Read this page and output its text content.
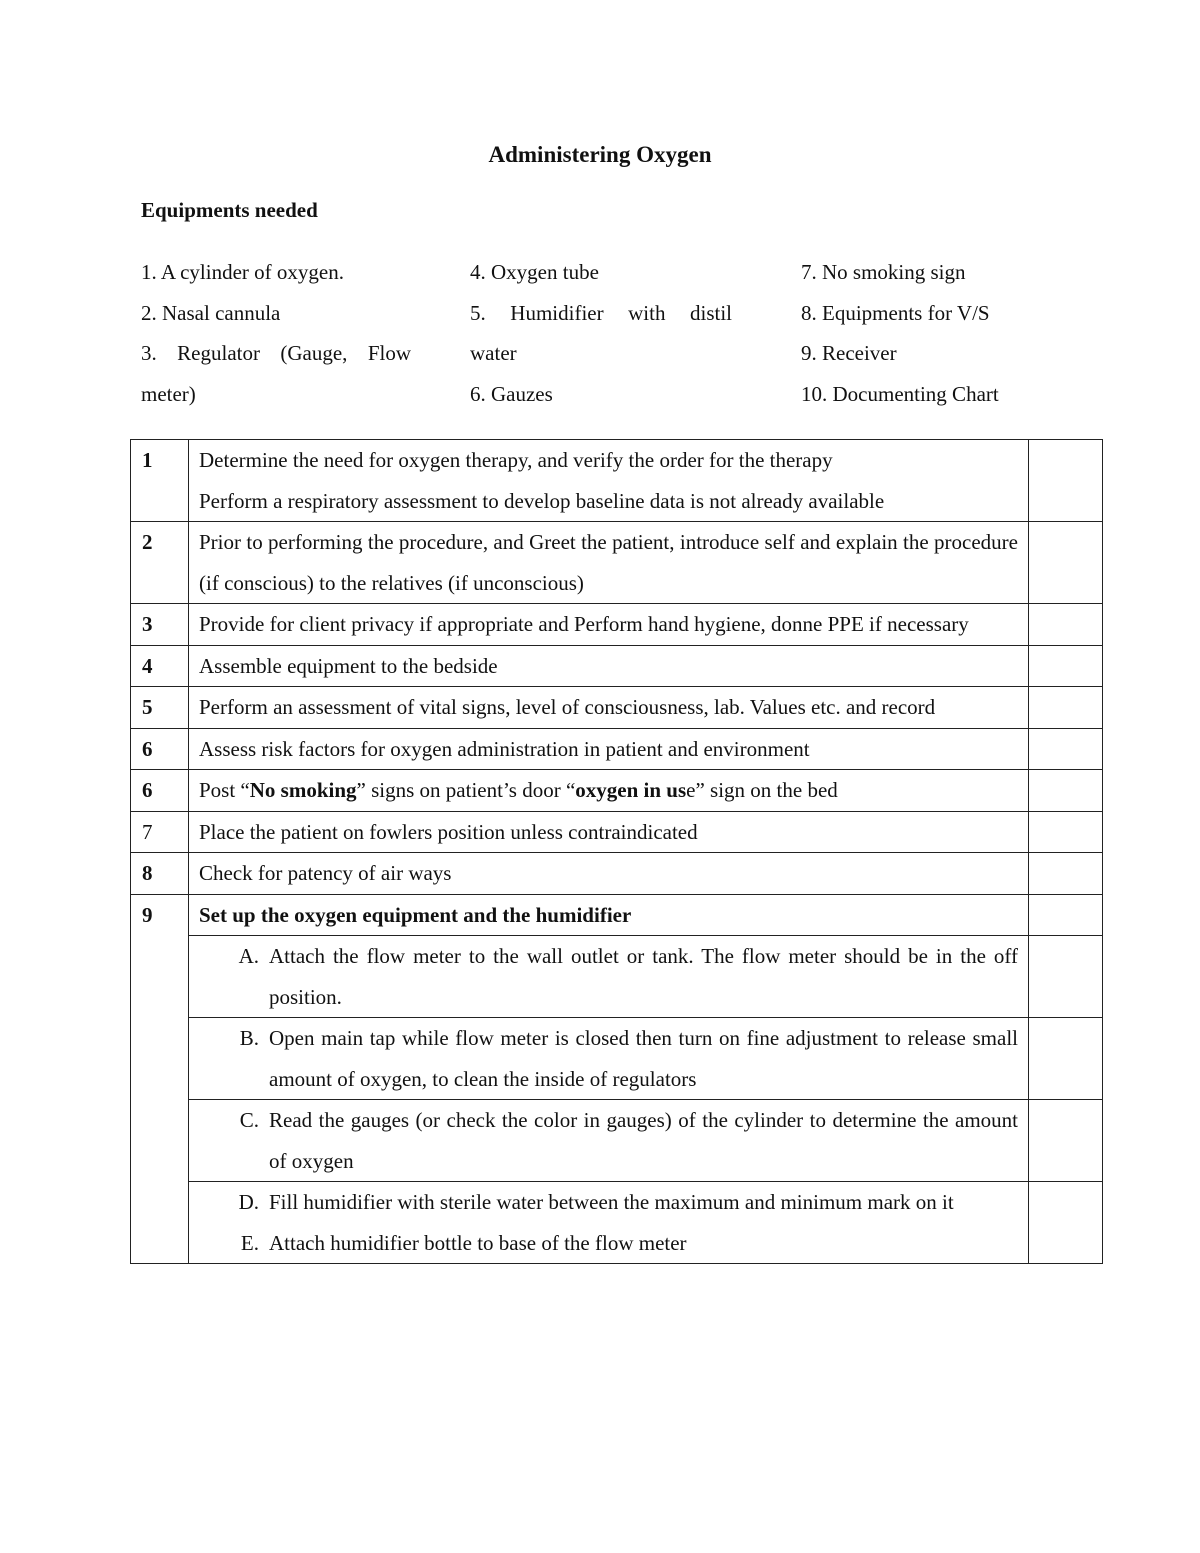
Administering Oxygen
Equipments needed
1. A cylinder of oxygen.
2. Nasal cannula
3. Regulator (Gauge, Flow
meter)
4. Oxygen tube
5. Humidifier with distil
water
6. Gauzes
7. No smoking sign
8. Equipments for V/S
9. Receiver
10. Documenting Chart
1	Determine the need for oxygen therapy, and verify the order for the therapy
Perform a respiratory assessment to develop baseline data is not already available	

2	Prior to performing the procedure, and Greet the patient, introduce self and explain the procedure (if conscious) to the relatives (if unconscious)	
3	Provide for client privacy if appropriate and Perform hand hygiene, donne PPE if necessary	
4	Assemble equipment to the bedside	
5	Perform an assessment of vital signs, level of consciousness, lab. Values etc. and record	
6	Assess risk factors for oxygen administration in patient and environment	
6	Post “No smoking” signs on patient’s door “oxygen in use” sign on the bed	
7	Place the patient on fowlers position unless contraindicated	
8	Check for patency of air ways	
9	Set up the oxygen equipment and the humidifier	

	A. Attach the flow meter to the wall outlet or tank. The flow meter should be in the off position.	

	B. Open main tap while flow meter is closed then turn on fine adjustment to release small amount of oxygen, to clean the inside of regulators	

	C. Read the gauges (or check the color in gauges) of the cylinder to determine the amount of oxygen	

	D. Fill humidifier with sterile water between the maximum and minimum mark on it
E. Attach humidifier bottle to base of the flow meter	
